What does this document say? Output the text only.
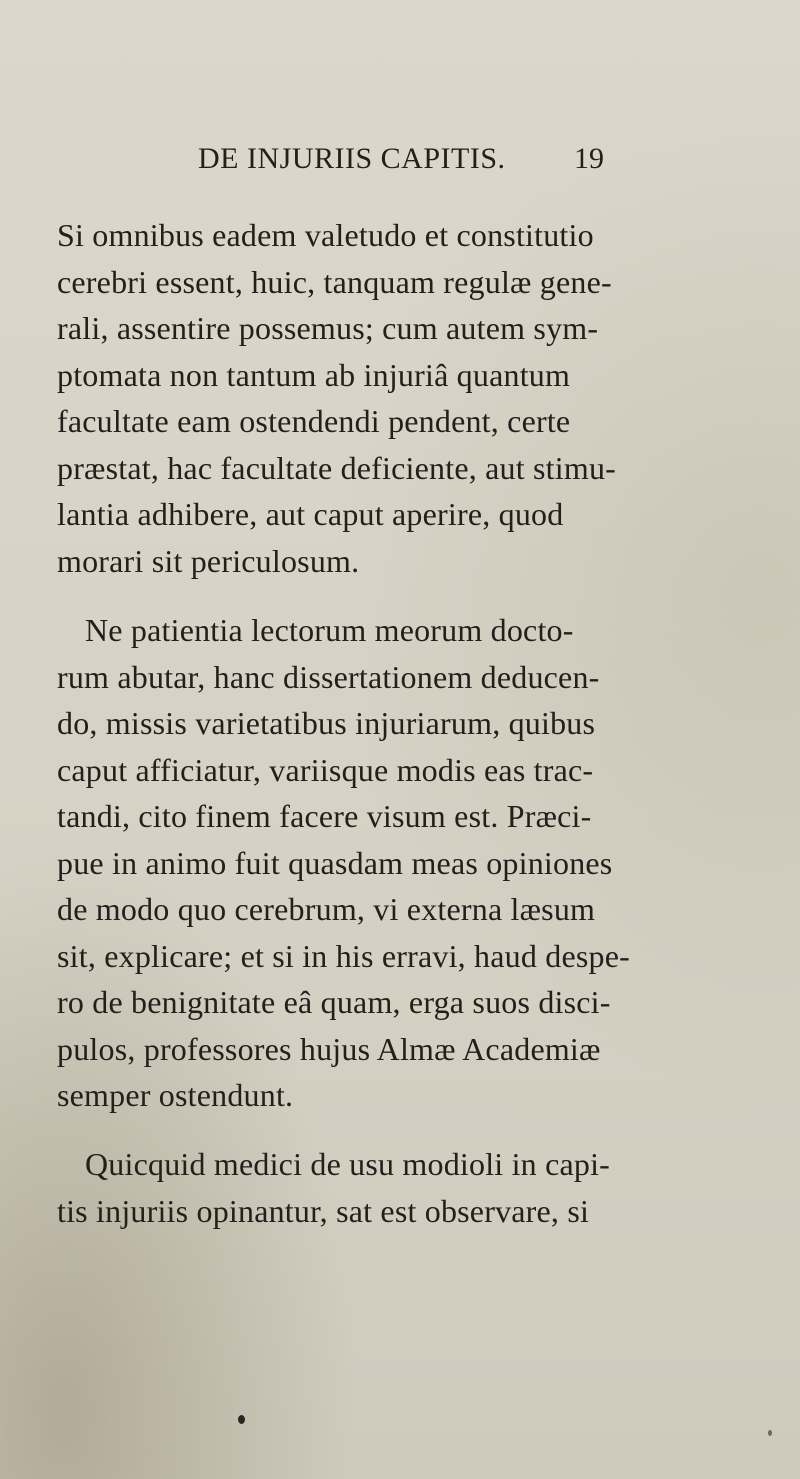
DE INJURIIS CAPITIS. 19
Si omnibus eadem valetudo et constitutio
cerebri essent, huic, tanquam regulæ gene-
rali, assentire possemus; cum autem sym-
ptomata non tantum ab injuriâ quantum
facultate eam ostendendi pendent, certe
præstat, hac facultate deficiente, aut stimu-
lantia adhibere, aut caput aperire, quod
morari sit periculosum.
Ne patientia lectorum meorum docto-
rum abutar, hanc dissertationem deducen-
do, missis varietatibus injuriarum, quibus
caput afficiatur, variisque modis eas trac-
tandi, cito finem facere visum est. Præci-
pue in animo fuit quasdam meas opiniones
de modo quo cerebrum, vi externa læsum
sit, explicare; et si in his erravi, haud despe-
ro de benignitate eâ quam, erga suos disci-
pulos, professores hujus Almæ Academiæ
semper ostendunt.
Quicquid medici de usu modioli in capi-
tis injuriis opinantur, sat est observare, si
